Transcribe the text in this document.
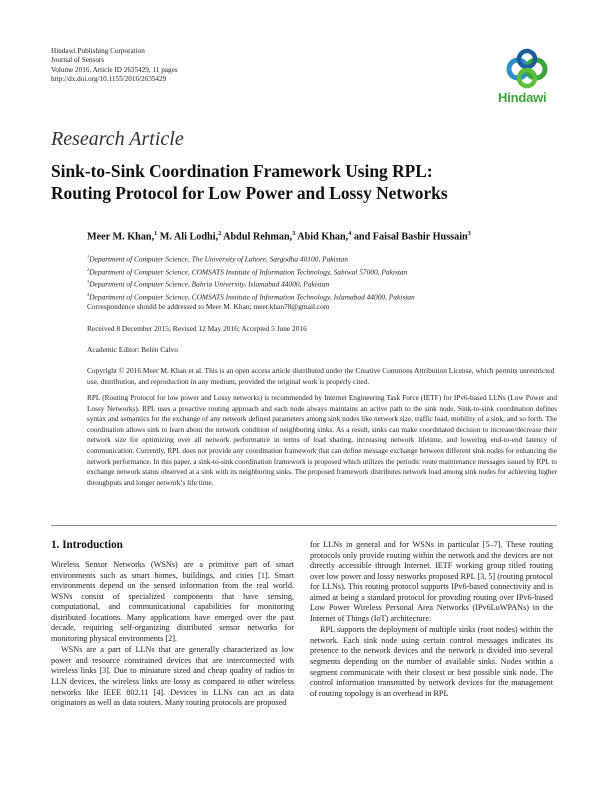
Hindawi Publishing Corporation
Journal of Sensors
Volume 2016, Article ID 2635429, 11 pages
http://dx.doi.org/10.1155/2016/2635429
Hindawi
Research Article
Sink-to-Sink Coordination Framework Using RPL:
Routing Protocol for Low Power and Lossy Networks
Meer M. Khan,$^1$ M. Ali Lodhi,$^2$ Abdul Rehman,$^3$ Abid Khan,$^4$ and Faisal Bashir Hussain$^3$
$^1$Department of Computer Science, The University of Lahore, Sargodha 40100, Pakistan
$^2$Department of Computer Science, COMSATS Institute of Information Technology, Sahiwal 57000, Pakistan
$^3$Department of Computer Science, Bahria University, Islamabad 44000, Pakistan
$^4$Department of Computer Science, COMSATS Institute of Information Technology, Islamabad 44000, Pakistan
Correspondence should be addressed to Meer M. Khan; meer.khan78@gmail.com
Received 8 December 2015; Revised 12 May 2016; Accepted 5 June 2016
Academic Editor: Belén Calvo
Copyright © 2016 Meer M. Khan et al. This is an open access article distributed under the Creative Commons Attribution License, which permits unrestricted use, distribution, and reproduction in any medium, provided the original work is properly cited.
RPL (Routing Protocol for low power and Lossy networks) is recommended by Internet Engineering Task Force (IETF) for IPv6-based LLNs (Low Power and Lossy Networks). RPL uses a proactive routing approach and each node always maintains an active path to the sink node. Sink-to-sink coordination defines syntax and semantics for the exchange of any network defined parameters among sink nodes like network size, traffic load, mobility of a sink, and so forth. The coordination allows sink to learn about the network condition of neighboring sinks. As a result, sinks can make coordinated decision to increase/decrease their network size for optimizing over all network performance in terms of load sharing, increasing network lifetime, and lowering end-to-end latency of communication. Currently, RPL does not provide any coordination framework that can define message exchange between different sink nodes for enhancing the network performance. In this paper, a sink-to-sink coordination framework is proposed which utilizes the periodic route maintenance messages issued by RPL to exchange network status observed at a sink with its neighboring sinks. The proposed framework distributes network load among sink nodes for achieving higher throughputs and longer network’s life time.
1. Introduction

Wireless Sensor Networks (WSNs) are a primitive part of smart environments such as smart homes, buildings, and cities [1]. Smart environments depend on the sensed information from the real world. WSNs consist of specialized components that have sensing, computational, and communicational capabilities for monitoring distributed locations. Many applications have emerged over the past decade, requiring self-organizing distributed sensor networks for monitoring physical environments [2].

WSNs are a part of LLNs that are generally characterized as low power and resource constrained devices that are interconnected with wireless links [3]. Due to miniature sized and cheap quality of radios in LLN devices, the wireless links are lossy as compared to other wireless networks like IEEE 802.11 [4]. Devices in LLNs can act as data originators as well as data routers. Many routing protocols are proposed

for LLNs in general and for WSNs in particular [5–7]. These routing protocols only provide routing within the network and the devices are not directly accessible through Internet. IETF working group titled routing over low power and lossy networks proposed RPL [3, 5] (routing protocol for LLNs). This routing protocol supports IPv6-based connectivity and is aimed at being a standard protocol for providing routing over IPv6-based Low Power Wireless Personal Area Networks (IPv6LoWPANs) in the Internet of Things (IoT) architecture.

RPL supports the deployment of multiple sinks (root nodes) within the network. Each sink node using certain control messages indicates its presence to the network devices and the network is divided into several segments depending on the number of available sinks. Nodes within a segment communicate with their closest or best possible sink node. The control information transmitted by network devices for the management of routing topology is an overhead in RPL
